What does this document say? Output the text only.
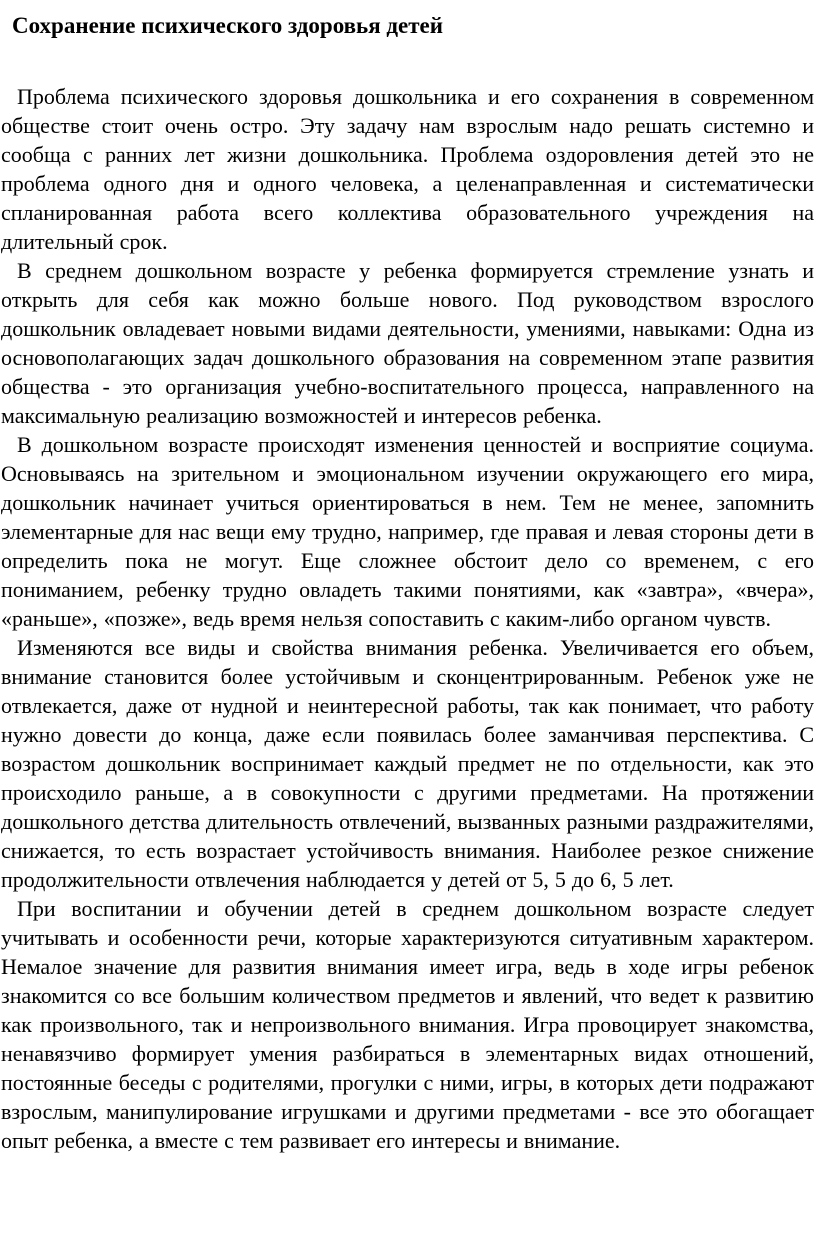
Сохранение психического здоровья детей

Проблема психического здоровья дошкольника и его сохранения в современном обществе стоит очень остро. Эту задачу нам взрослым надо решать системно и сообща с ранних лет жизни дошкольника. Проблема оздоровления детей это не проблема одного дня и одного человека, а целенаправленная и систематически спланированная работа всего коллектива образовательного учреждения на длительный срок.

В среднем дошкольном возрасте у ребенка формируется стремление узнать и открыть для себя как можно больше нового. Под руководством взрослого дошкольник овладевает новыми видами деятельности, умениями, навыками: Одна из основополагающих задач дошкольного образования на современном этапе развития общества - это организация учебно-воспитательного процесса, направленного на максимальную реализацию возможностей и интересов ребенка.

В дошкольном возрасте происходят изменения ценностей и восприятие социума. Основываясь на зрительном и эмоциональном изучении окружающего его мира, дошкольник начинает учиться ориентироваться в нем. Тем не менее, запомнить элементарные для нас вещи ему трудно, например, где правая и левая стороны дети в определить пока не могут. Еще сложнее обстоит дело со временем, с его пониманием, ребенку трудно овладеть такими понятиями, как «завтра», «вчера», «раньше», «позже», ведь время нельзя сопоставить с каким-либо органом чувств.

Изменяются все виды и свойства внимания ребенка. Увеличивается его объем, внимание становится более устойчивым и сконцентрированным. Ребенок уже не отвлекается, даже от нудной и неинтересной работы, так как понимает, что работу нужно довести до конца, даже если появилась более заманчивая перспектива. С возрастом дошкольник воспринимает каждый предмет не по отдельности, как это происходило раньше, а в совокупности с другими предметами. На протяжении дошкольного детства длительность отвлечений, вызванных разными раздражителями, снижается, то есть возрастает устойчивость внимания. Наиболее резкое снижение продолжительности отвлечения наблюдается у детей от 5, 5 до 6, 5 лет.

При воспитании и обучении детей в среднем дошкольном возрасте следует учитывать и особенности речи, которые характеризуются ситуативным характером. Немалое значение для развития внимания имеет игра, ведь в ходе игры ребенок знакомится со все большим количеством предметов и явлений, что ведет к развитию как произвольного, так и непроизвольного внимания. Игра провоцирует знакомства, ненавязчиво формирует умения разбираться в элементарных видах отношений, постоянные беседы с родителями, прогулки с ними, игры, в которых дети подражают взрослым, манипулирование игрушками и другими предметами - все это обогащает опыт ребенка, а вместе с тем развивает его интересы и внимание.
